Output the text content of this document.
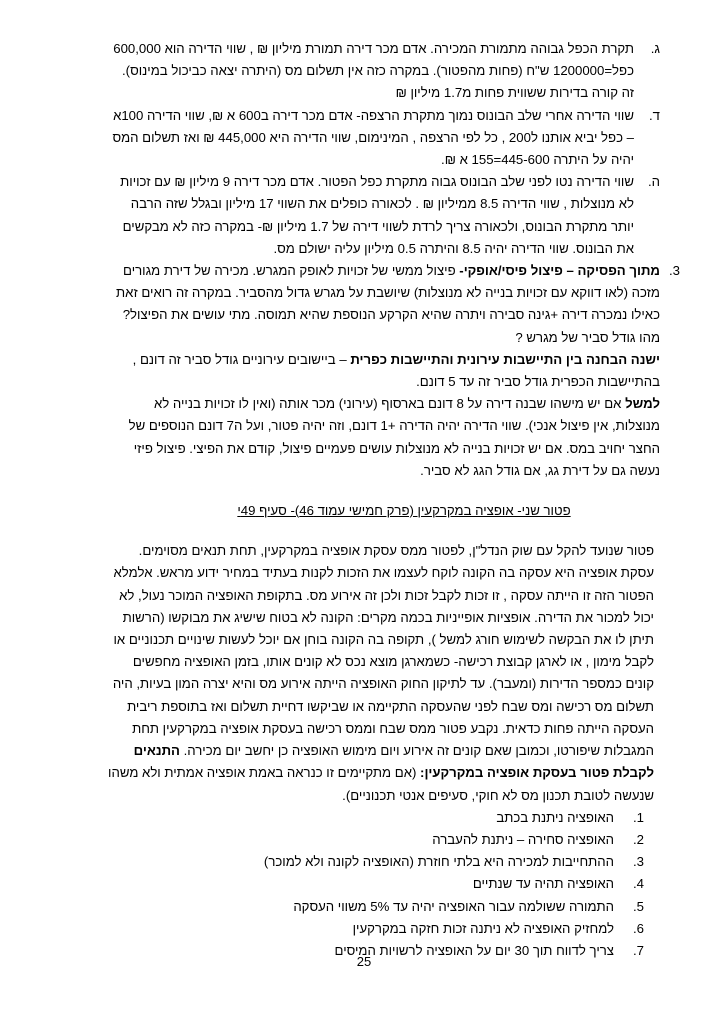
ג.
תקרת הכפל גבוהה מתמורת המכירה. אדם מכר דירה תמורת מיליון ₪ , שווי הדירה הוא 600,000 כפל=1200000 ש"ח (פחות מהפטור). במקרה כזה אין תשלום מס (היתרה יצאה כביכול במינוס). זה קורה בדירות ששווית פחות מ1.7 מיליון ₪
ד.
שווי הדירה אחרי שלב הבונוס נמוך מתקרת הרצפה- אדם מכר דירה ב600 א ₪, שווי הדירה 100א – כפל יביא אותנו ל200 , כל לפי הרצפה , המינימום, שווי הדירה היא 445,000 ₪ ואז תשלום המס יהיה על היתרה 445-600=155 א ₪.
ה.
שווי הדירה נטו לפני שלב הבונוס גבוה מתקרת כפל הפטור. אדם מכר דירה 9 מיליון ₪ עם זכויות לא מנוצלות , שווי הדירה 8.5 ממיליון ₪ . לכאורה כופלים את השווי 17 מיליון ובגלל שזה הרבה יותר מתקרת הבונוס, ולכאורה צריך לרדת לשווי דירה של 1.7 מיליון ₪- במקרה כזה לא מבקשים את הבונוס. שווי הדירה יהיה 8.5 והיתרה 0.5 מיליון עליה ישולם מס.
3.
מתוך הפסיקה – פיצול פיסי/אופקי- פיצול ממשי של זכויות לאופק המגרש. מכירה של דירת מגורים מזכה (לאו דווקא עם זכויות בנייה לא מנוצלות) שיושבת על מגרש גדול מהסביר. במקרה זה רואים זאת כאילו נמכרה דירה +גינה סבירה ויתרה שהיא הקרקע הנוספת שהיא תמוסה. מתי עושים את הפיצול? מהו גודל סביר של מגרש ?
ישנה הבחנה בין התיישבות עירונית והתיישבות כפרית – ביישובים עירוניים גודל סביר זה דונם , בהתיישבות הכפרית גודל סביר זה עד 5 דונם.
למשל אם יש מישהו שבנה דירה על 8 דונם בארסוף (עירוני) מכר אותה (ואין לו זכויות בנייה לא מנוצלות, אין פיצול אנכי). שווי הדירה יהיה הדירה +1 דונם, וזה יהיה פטור, ועל ה7 דונם הנוספים של החצר יחויב במס. אם יש זכויות בנייה לא מנוצלות עושים פעמיים פיצול, קודם את הפיצי. פיצול פיזי נעשה גם על דירת גג, אם גודל הגג לא סביר.
פטור שני- אופציה במקרקעין (פרק חמישי עמוד 46)- סעיף 49י
פטור שנועד להקל עם שוק הנדל"ן, לפטור ממס עסקת אופציה במקרקעין, תחת תנאים מסוימים. עסקת אופציה היא עסקה בה הקונה לוקח לעצמו את הזכות לקנות בעתיד במחיר ידוע מראש. אלמלא הפטור הזה זו הייתה עסקה , זו זכות לקבל זכות ולכן זה אירוע מס. בתקופת האופציה המוכר נעול, לא יכול למכור את הדירה. אופציות אופייניות בכמה מקרים: הקונה לא בטוח שישיג את מבוקשו (הרשות תיתן לו את הבקשה לשימוש חורג למשל ), תקופה בה הקונה בוחן אם יוכל לעשות שינויים תכנוניים או לקבל מימון , או לארגן קבוצת רכישה- כשמארגן מוצא נכס לא קונים אותו, בזמן האופציה מחפשים קונים כמספר הדירות (ומעבר). עד לתיקון החוק האופציה הייתה אירוע מס והיא יצרה המון בעיות, היה תשלום מס רכישה ומס שבח לפני שהעסקה התקיימה או שביקשו דחיית תשלום ואז בתוספת ריבית העסקה הייתה פחות כדאית. נקבע פטור ממס שבח וממס רכישה בעסקת אופציה במקרקעין תחת המגבלות שיפורטו, וכמובן שאם קונים זה אירוע ויום מימוש האופציה כן יחשב יום מכירה. התנאים לקבלת פטור בעסקת אופציה במקרקעין: (אם מתקיימים זו כנראה באמת אופציה אמתית ולא משהו שנעשה לטובת תכנון מס לא חוקי, סעיפים אנטי תכנוניים).
1.
האופציה ניתנת בכתב
2.
האופציה סחירה – ניתנת להעברה
3.
ההתחייבות למכירה היא בלתי חוזרת (האופציה לקונה ולא למוכר)
4.
האופציה תהיה עד שנתיים
5.
התמורה ששולמה עבור האופציה יהיה עד 5% משווי העסקה
6.
למחזיק האופציה לא ניתנה זכות חזקה במקרקעין
7.
צריך לדווח תוך 30 יום על האופציה לרשויות המיסים
25
